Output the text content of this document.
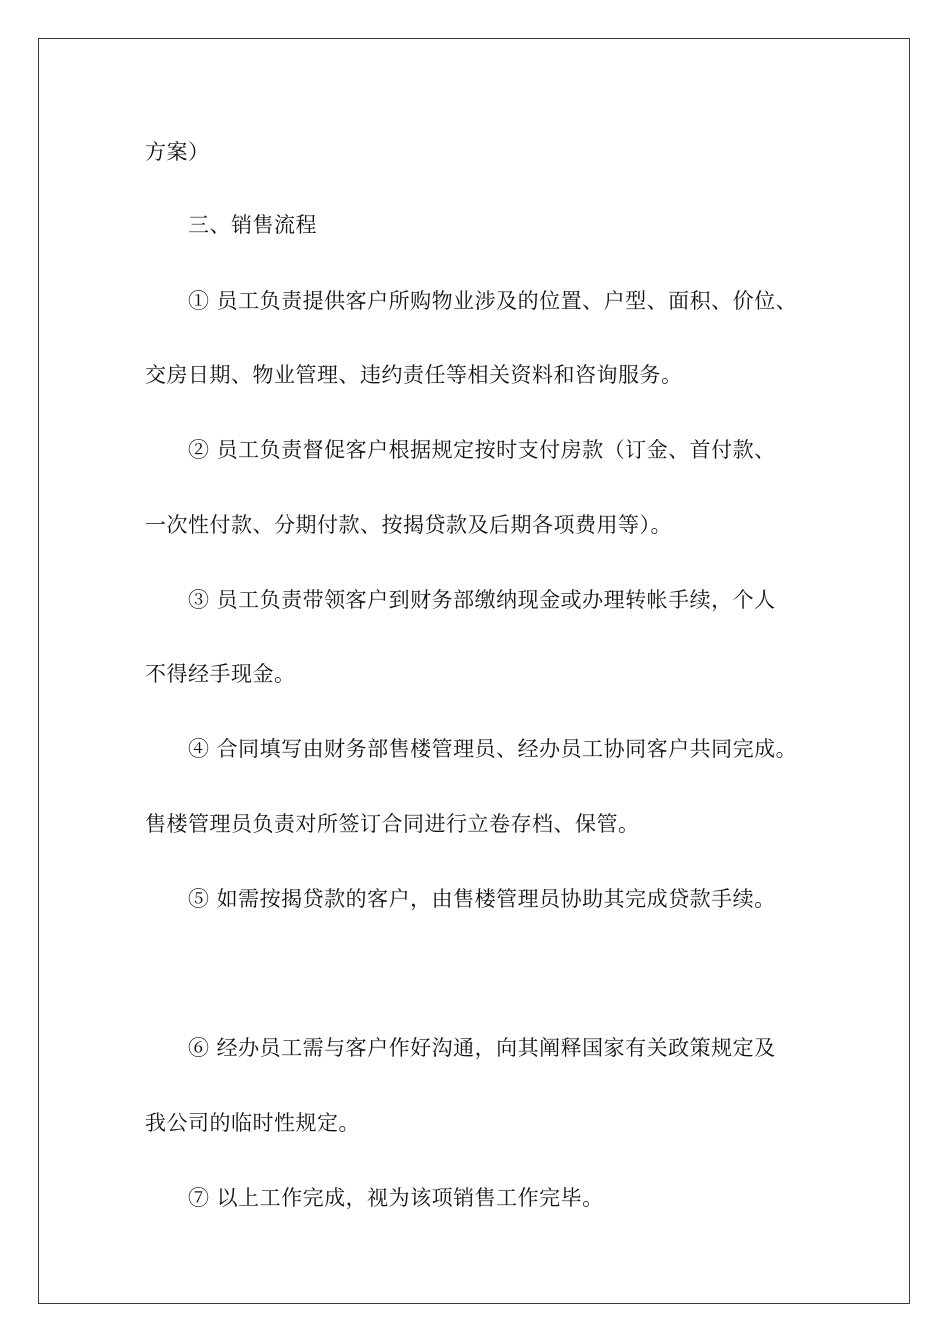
方案）
三、销售流程
① 员工负责提供客户所购物业涉及的位置、户型、面积、价位、
交房日期、物业管理、违约责任等相关资料和咨询服务。
② 员工负责督促客户根据规定按时支付房款（订金、首付款、
一次性付款、分期付款、按揭贷款及后期各项费用等）。
③ 员工负责带领客户到财务部缴纳现金或办理转帐手续，个人
不得经手现金。
④ 合同填写由财务部售楼管理员、经办员工协同客户共同完成。
售楼管理员负责对所签订合同进行立卷存档、保管。
⑤ 如需按揭贷款的客户，由售楼管理员协助其完成贷款手续。
⑥ 经办员工需与客户作好沟通，向其阐释国家有关政策规定及
我公司的临时性规定。
⑦ 以上工作完成，视为该项销售工作完毕。
